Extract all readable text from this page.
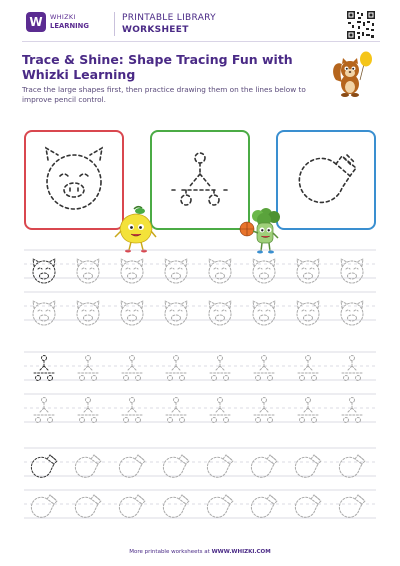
W	WHIZKI
LEARNING
PRINTABLE LIBRARY
WORKSHEET
Trace & Shine: Shape Tracing Fun with Whizki Learning
Trace the large shapes first, then practice drawing them on the lines below to improve pencil control.
More printable worksheets at WWW.WHIZKI.COM
